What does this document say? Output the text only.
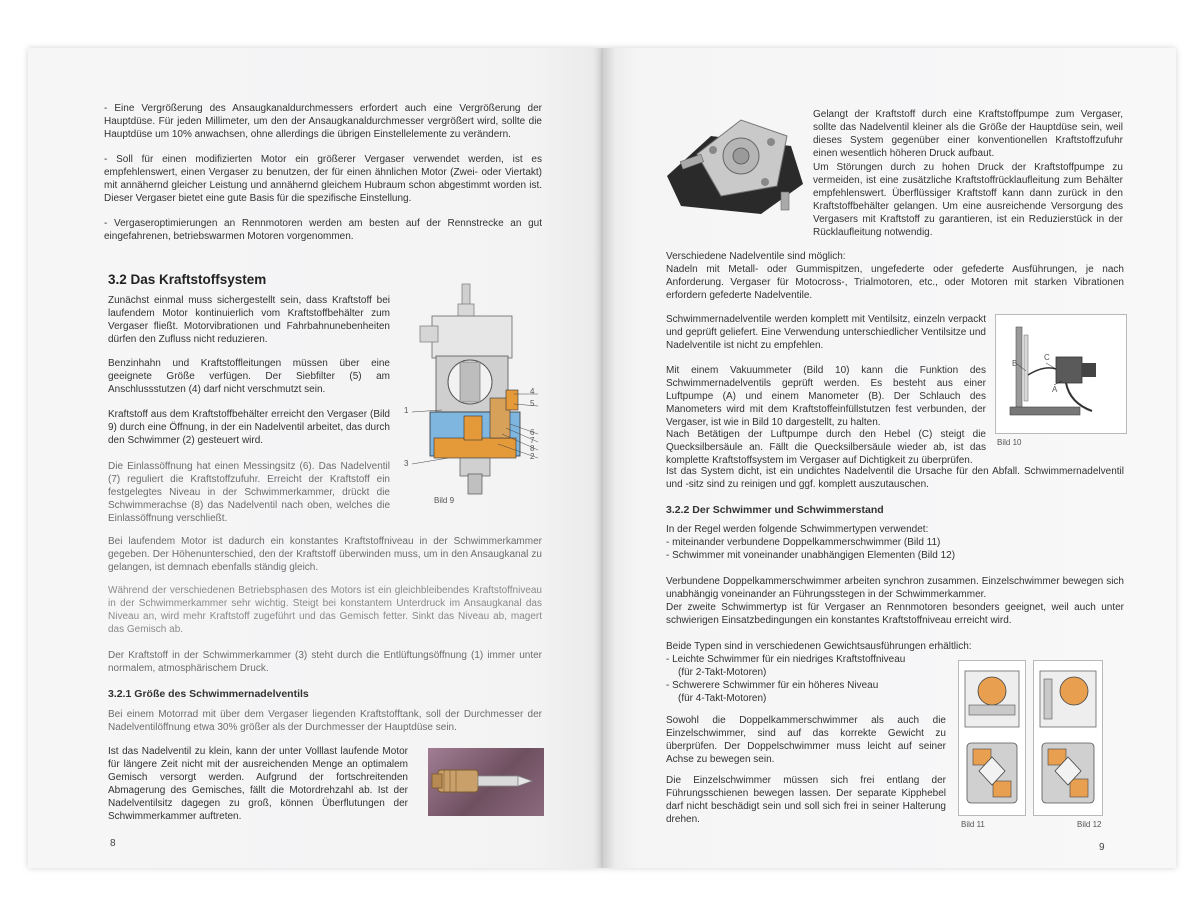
- Eine Vergrößerung des Ansaugkanaldurchmessers erfordert auch eine Vergrößerung der Hauptdüse. Für jeden Millimeter, um den der Ansaugkanaldurchmesser vergrößert wird, sollte die Hauptdüse um 10% anwachsen, ohne allerdings die übrigen Einstellelemente zu verändern.
- Soll für einen modifizierten Motor ein größerer Vergaser verwendet werden, ist es empfehlenswert, einen Vergaser zu benutzen, der für einen ähnlichen Motor (Zwei- oder Viertakt) mit annähernd gleicher Leistung und annähernd gleichem Hubraum schon abgestimmt worden ist. Dieser Vergaser bietet eine gute Basis für die spezifische Einstellung.
- Vergaseroptimierungen an Rennmotoren werden am besten auf der Rennstrecke an gut eingefahrenen, betriebswarmen Motoren vorgenommen.
3.2 Das Kraftstoffsystem

Zunächst einmal muss sichergestellt sein, dass Kraftstoff bei laufendem Motor kontinuierlich vom Kraftstoffbehälter zum Vergaser fließt. Motorvibrationen und Fahrbahnunebenheiten dürfen den Zufluss nicht reduzieren.

Benzinhahn und Kraftstoffleitungen müssen über eine geeignete Größe verfügen. Der Siebfilter (5) am Anschlussstutzen (4) darf nicht verschmutzt sein.

Kraftstoff aus dem Kraftstoffbehälter erreicht den Vergaser (Bild 9) durch eine Öffnung, in der ein Nadelventil arbeitet, das durch den Schwimmer (2) gesteuert wird.

Die Einlassöffnung hat einen Messingsitz (6). Das Nadelventil (7) reguliert die Kraftstoffzufuhr. Erreicht der Kraftstoff ein festgelegtes Niveau in der Schwimmerkammer, drückt die Schwimmerachse (8) das Nadelventil nach oben, welches die Einlassöffnung verschließt.

1
3
4
5
6
7
8
2
Bild 9

Bei laufendem Motor ist dadurch ein konstantes Kraftstoffniveau in der Schwimmerkammer gegeben. Der Höhenunterschied, den der Kraftstoff überwinden muss, um in den Ansaugkanal zu gelangen, ist demnach ebenfalls ständig gleich.

Während der verschiedenen Betriebsphasen des Motors ist ein gleichbleibendes Kraftstoffniveau in der Schwimmerkammer sehr wichtig. Steigt bei konstantem Unterdruck im Ansaugkanal das Niveau an, wird mehr Kraftstoff zugeführt und das Gemisch fetter. Sinkt das Niveau ab, magert das Gemisch ab.

Der Kraftstoff in der Schwimmerkammer (3) steht durch die Entlüftungsöffnung (1) immer unter normalem, atmosphärischem Druck.

3.2.1 Größe des Schwimmernadelventils

Bei einem Motorrad mit über dem Vergaser liegenden Kraftstofftank, soll der Durchmesser der Nadelventilöffnung etwa 30% größer als der Durchmesser der Hauptdüse sein.

Ist das Nadelventil zu klein, kann der unter Volllast laufende Motor für längere Zeit nicht mit der ausreichenden Menge an optimalem Gemisch versorgt werden. Aufgrund der fortschreitenden Abmagerung des Gemisches, fällt die Motordrehzahl ab. Ist der Nadelventilsitz dagegen zu groß, können Überflutungen der Schwimmerkammer auftreten.

8

Gelangt der Kraftstoff durch eine Kraftstoffpumpe zum Vergaser, sollte das Nadelventil kleiner als die Größe der Hauptdüse sein, weil dieses System gegenüber einer konventionellen Kraftstoffzufuhr einen wesentlich höheren Druck aufbaut.

Um Störungen durch zu hohen Druck der Kraftstoffpumpe zu vermeiden, ist eine zusätzliche Kraftstoffrücklaufleitung zum Behälter empfehlenswert. Überflüssiger Kraftstoff kann dann zurück in den Kraftstoffbehälter gelangen. Um eine ausreichende Versorgung des Vergasers mit Kraftstoff zu garantieren, ist ein Reduzierstück in der Rücklaufleitung notwendig.

Verschiedene Nadelventile sind möglich:

Nadeln mit Metall- oder Gummispitzen, ungefederte oder gefederte Ausführungen, je nach Anforderung. Vergaser für Motocross-, Trialmotoren, etc., oder Motoren mit starken Vibrationen erfordern gefederte Nadelventile.

Schwimmernadelventile werden komplett mit Ventilsitz, einzeln verpackt und geprüft geliefert. Eine Verwendung unterschiedlicher Ventilsitze und Nadelventile ist nicht zu empfehlen.

Mit einem Vakuummeter (Bild 10) kann die Funktion des Schwimmernadelventils geprüft werden. Es besteht aus einer Luftpumpe (A) und einem Manometer (B). Der Schlauch des Manometers wird mit dem Kraftstoffeinfüllstutzen fest verbunden, der Vergaser, ist wie in Bild 10 dargestellt, zu halten.

Nach Betätigen der Luftpumpe durch den Hebel (C) steigt die Quecksilbersäule an. Fällt die Quecksilbersäule wieder ab, ist das komplette Kraftstoffsystem im Vergaser auf Dichtigkeit zu überprüfen.

Ist das System dicht, ist ein undichtes Nadelventil die Ursache für den Abfall. Schwimmernadelventil und -sitz sind zu reinigen und ggf. komplett auszutauschen.

B
C
A
Bild 10
3.2.2 Der Schwimmer und Schwimmerstand

In der Regel werden folgende Schwimmertypen verwendet:

- miteinander verbundene Doppelkammerschwimmer (Bild 11)

- Schwimmer mit voneinander unabhängigen Elementen (Bild 12)

Verbundene Doppelkammerschwimmer arbeiten synchron zusammen. Einzelschwimmer bewegen sich unabhängig voneinander an Führungsstegen in der Schwimmerkammer.

Der zweite Schwimmertyp ist für Vergaser an Rennmotoren besonders geeignet, weil auch unter schwierigen Einsatzbedingungen ein konstantes Kraftstoffniveau erreicht wird.

Beide Typen sind in verschiedenen Gewichtsausführungen erhältlich:

- Leichte Schwimmer für ein niedriges Kraftstoffniveau

(für 2-Takt-Motoren)

- Schwerere Schwimmer für ein höheres Niveau

(für 4-Takt-Motoren)

Sowohl die Doppelkammerschwimmer als auch die Einzelschwimmer, sind auf das korrekte Gewicht zu überprüfen. Der Doppelschwimmer muss leicht auf seiner Achse zu bewegen sein.

Die Einzelschwimmer müssen sich frei entlang der Führungsschienen bewegen lassen. Der separate Kipphebel darf nicht beschädigt sein und soll sich frei in seiner Halterung drehen.	Bild 11	Bild 12
9
